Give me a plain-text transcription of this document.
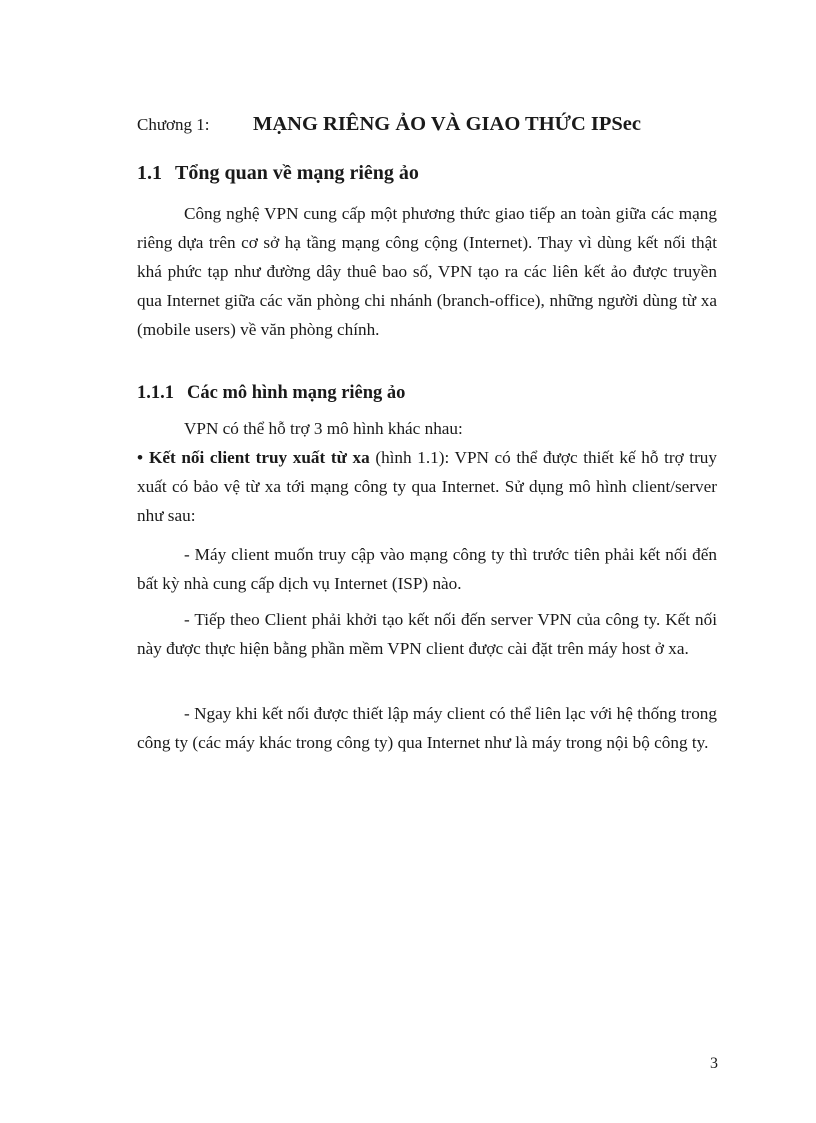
Chương 1: MẠNG RIÊNG ẢO VÀ GIAO THỨC IPSec
1.1 Tổng quan về mạng riêng ảo

Công nghệ VPN cung cấp một phương thức giao tiếp an toàn giữa các mạng riêng dựa trên cơ sở hạ tầng mạng công cộng (Internet). Thay vì dùng kết nối thật khá phức tạp như đường dây thuê bao số, VPN tạo ra các liên kết ảo được truyền qua Internet giữa các văn phòng chi nhánh (branch-office), những người dùng từ xa (mobile users) về văn phòng chính.

1.1.1 Các mô hình mạng riêng ảo

VPN có thể hỗ trợ 3 mô hình khác nhau:

• Kết nối client truy xuất từ xa (hình 1.1): VPN có thể được thiết kế hỗ trợ truy xuất có bảo vệ từ xa tới mạng công ty qua Internet. Sử dụng mô hình client/server như sau:

- Máy client muốn truy cập vào mạng công ty thì trước tiên phải kết nối đến bất kỳ nhà cung cấp dịch vụ Internet (ISP) nào.

- Tiếp theo Client phải khởi tạo kết nối đến server VPN của công ty. Kết nối này được thực hiện bằng phần mềm VPN client được cài đặt trên máy host ở xa.

- Ngay khi kết nối được thiết lập máy client có thể liên lạc với hệ thống trong công ty (các máy khác trong công ty) qua Internet như là máy trong nội bộ công ty.

3
